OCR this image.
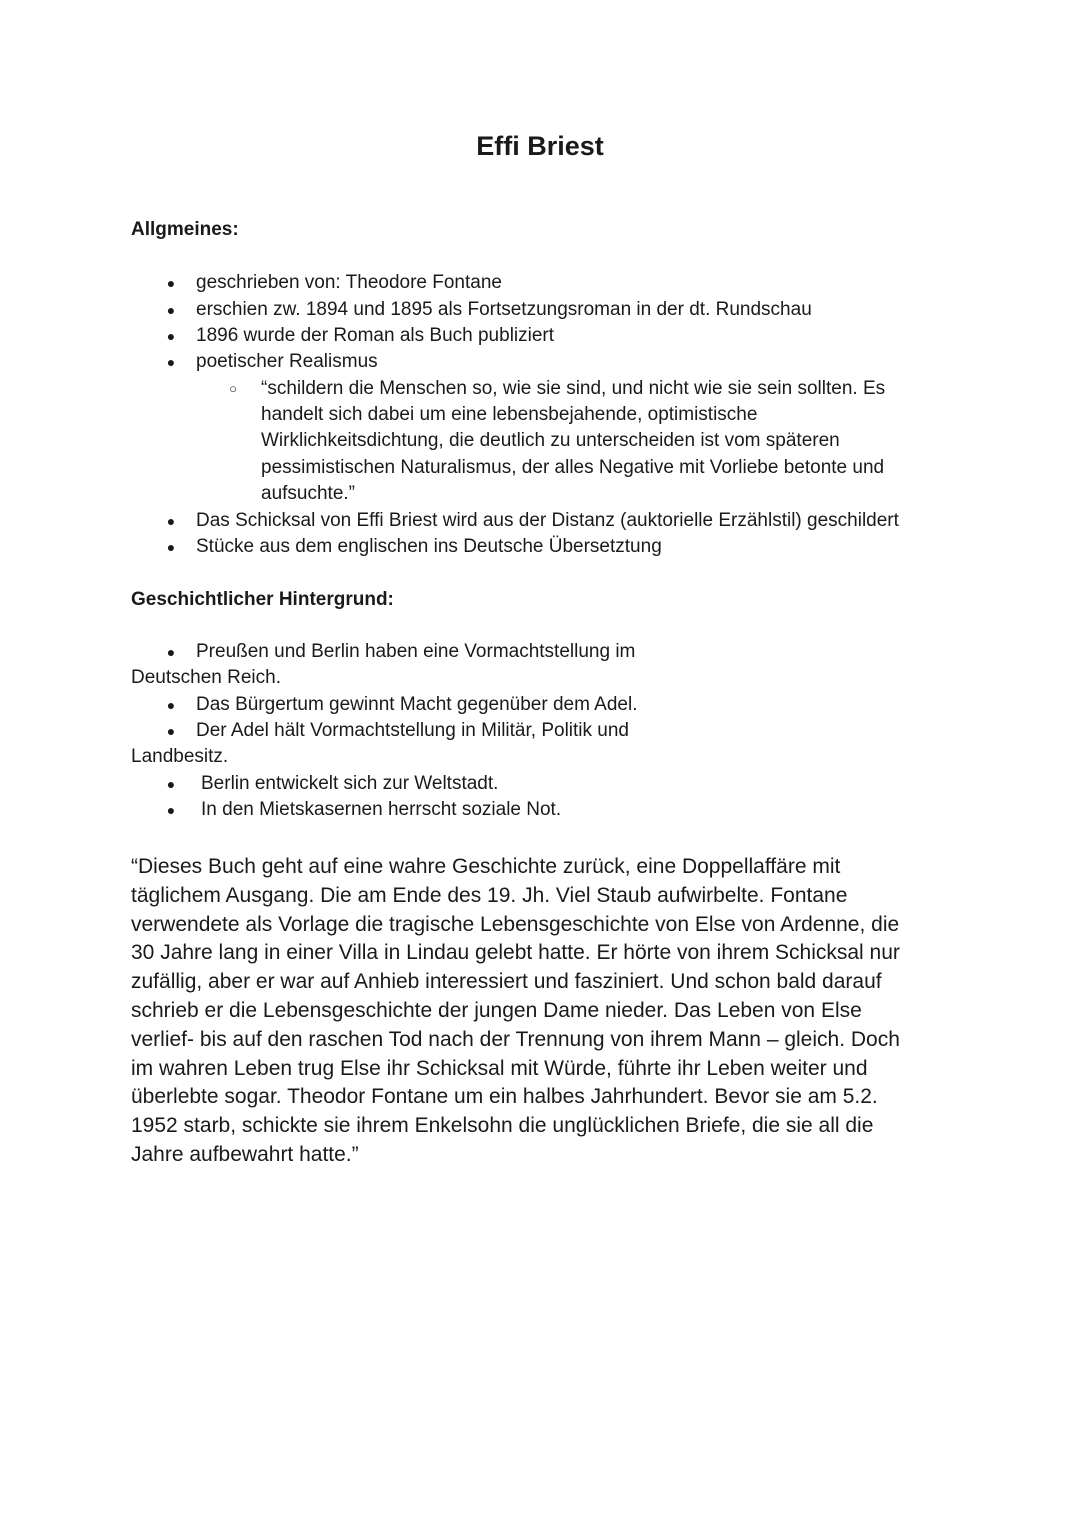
Effi Briest

Allgmeines:

● geschrieben von: Theodore Fontane

● erschien zw. 1894 und 1895 als Fortsetzungsroman in der dt. Rundschau

● 1896 wurde der Roman als Buch publiziert

● poetischer Realismus

○ “schildern die Menschen so, wie sie sind, und nicht wie sie sein sollten. Es

handelt sich dabei um eine lebensbejahende, optimistische

Wirklichkeitsdichtung, die deutlich zu unterscheiden ist vom späteren

pessimistischen Naturalismus, der alles Negative mit Vorliebe betonte und

aufsuchte.”

● Das Schicksal von Effi Briest wird aus der Distanz (auktorielle Erzählstil) geschildert

● Stücke aus dem englischen ins Deutsche Übersetztung

Geschichtlicher Hintergrund:

● Preußen und Berlin haben eine Vormachtstellung im

Deutschen Reich.

● Das Bürgertum gewinnt Macht gegenüber dem Adel.

● Der Adel hält Vormachtstellung in Militär, Politik und

Landbesitz.

● Berlin entwickelt sich zur Weltstadt.

● In den Mietskasernen herrscht soziale Not.

“Dieses Buch geht auf eine wahre Geschichte zurück, eine Doppellaffäre mit
täglichem Ausgang. Die am Ende des 19. Jh. Viel Staub aufwirbelte. Fontane
verwendete als Vorlage die tragische Lebensgeschichte von Else von Ardenne, die
30 Jahre lang in einer Villa in Lindau gelebt hatte. Er hörte von ihrem Schicksal nur
zufällig, aber er war auf Anhieb interessiert und fasziniert. Und schon bald darauf
schrieb er die Lebensgeschichte der jungen Dame nieder. Das Leben von Else
verlief- bis auf den raschen Tod nach der Trennung von ihrem Mann – gleich. Doch
im wahren Leben trug Else ihr Schicksal mit Würde, führte ihr Leben weiter und
überlebte sogar. Theodor Fontane um ein halbes Jahrhundert. Bevor sie am 5.2.
1952 starb, schickte sie ihrem Enkelsohn die unglücklichen Briefe, die sie all die
Jahre aufbewahrt hatte.”
